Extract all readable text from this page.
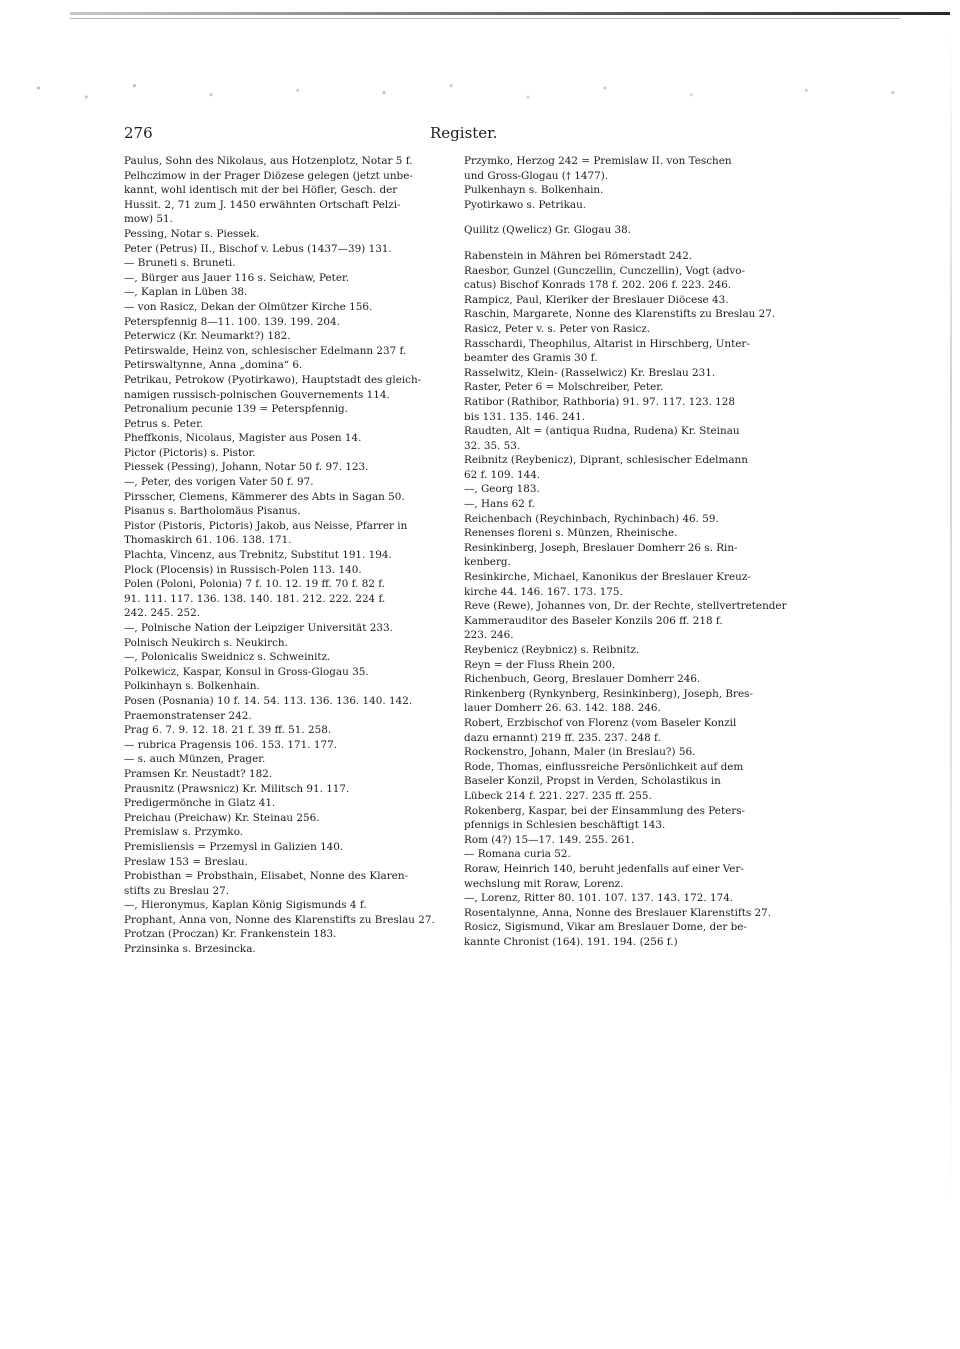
276	Register.
Paulus, Sohn des Nikolaus, aus Hotzenplotz, Notar 5 f.
Pelhczimow in der Prager Diözese gelegen (jetzt unbe-
kannt, wohl identisch mit der bei Höfler, Gesch. der
Hussit. 2, 71 zum J. 1450 erwähnten Ortschaft Pelzi-
mow) 51.
Pessing, Notar s. Piessek.
Peter (Petrus) II., Bischof v. Lebus (1437—39) 131.
— Bruneti s. Bruneti.
—, Bürger aus Jauer 116 s. Seichaw, Peter.
—, Kaplan in Lüben 38.
— von Rasicz, Dekan der Olmützer Kirche 156.
Peterspfennig 8—11. 100. 139. 199. 204.
Peterwicz (Kr. Neumarkt?) 182.
Petirswalde, Heinz von, schlesischer Edelmann 237 f.
Petirswaltynne, Anna „domina“ 6.
Petrikau, Petrokow (Pyotirkawo), Hauptstadt des gleich-
namigen russisch-polnischen Gouvernements 114.
Petronalium pecunie 139 = Peterspfennig.
Petrus s. Peter.
Pheffkonis, Nicolaus, Magister aus Posen 14.
Pictor (Pictoris) s. Pistor.
Piessek (Pessing), Johann, Notar 50 f. 97. 123.
—, Peter, des vorigen Vater 50 f. 97.
Pirsscher, Clemens, Kämmerer des Abts in Sagan 50.
Pisanus s. Bartholomäus Pisanus.
Pistor (Pistoris, Pictoris) Jakob, aus Neisse, Pfarrer in
Thomaskirch 61. 106. 138. 171.
Plachta, Vincenz, aus Trebnitz, Substitut 191. 194.
Plock (Plocensis) in Russisch-Polen 113. 140.
Polen (Poloni, Polonia) 7 f. 10. 12. 19 ff. 70 f. 82 f.
91. 111. 117. 136. 138. 140. 181. 212. 222. 224 f.
242. 245. 252.
—, Polnische Nation der Leipziger Universität 233.
Polnisch Neukirch s. Neukirch.
—, Polonicalis Sweidnicz s. Schweinitz.
Polkewicz, Kaspar, Konsul in Gross-Glogau 35.
Polkinhayn s. Bolkenhain.
Posen (Posnania) 10 f. 14. 54. 113. 136. 136. 140. 142.
Praemonstratenser 242.
Prag 6. 7. 9. 12. 18. 21 f. 39 ff. 51. 258.
— rubrica Pragensis 106. 153. 171. 177.
— s. auch Münzen, Prager.
Pramsen Kr. Neustadt? 182.
Prausnitz (Prawsnicz) Kr. Militsch 91. 117.
Predigermönche in Glatz 41.
Preichau (Preichaw) Kr. Steinau 256.
Premislaw s. Przymko.
Premisliensis = Przemysl in Galizien 140.
Preslaw 153 = Breslau.
Probisthan = Probsthain, Elisabet, Nonne des Klaren-
stifts zu Breslau 27.
—, Hieronymus, Kaplan König Sigismunds 4 f.
Prophant, Anna von, Nonne des Klarenstifts zu Breslau 27.
Protzan (Proczan) Kr. Frankenstein 183.
Przinsinka s. Brzesincka.
Przymko, Herzog 242 = Premislaw II. von Teschen
und Gross-Glogau († 1477).
Pulkenhayn s. Bolkenhain.
Pyotirkawo s. Petrikau.
Quilitz (Qwelicz) Gr. Glogau 38.
Rabenstein in Mähren bei Römerstadt 242.
Raesbor, Gunzel (Gunczellin, Cunczellin), Vogt (advo-
catus) Bischof Konrads 178 f. 202. 206 f. 223. 246.
Rampicz, Paul, Kleriker der Breslauer Diöcese 43.
Raschin, Margarete, Nonne des Klarenstifts zu Breslau 27.
Rasicz, Peter v. s. Peter von Rasicz.
Rasschardi, Theophilus, Altarist in Hirschberg, Unter-
beamter des Gramis 30 f.
Rasselwitz, Klein- (Rasselwicz) Kr. Breslau 231.
Raster, Peter 6 = Molschreiber, Peter.
Ratibor (Rathibor, Rathboria) 91. 97. 117. 123. 128
bis 131. 135. 146. 241.
Raudten, Alt = (antiqua Rudna, Rudena) Kr. Steinau
32. 35. 53.
Reibnitz (Reybenicz), Diprant, schlesischer Edelmann
62 f. 109. 144.
—, Georg 183.
—, Hans 62 f.
Reichenbach (Reychinbach, Rychinbach) 46. 59.
Renenses floreni s. Münzen, Rheinische.
Resinkinberg, Joseph, Breslauer Domherr 26 s. Rin-
kenberg.
Resinkirche, Michael, Kanonikus der Breslauer Kreuz-
kirche 44. 146. 167. 173. 175.
Reve (Rewe), Johannes von, Dr. der Rechte, stellvertretender
Kammerauditor des Baseler Konzils 206 ff. 218 f.
223. 246.
Reybenicz (Reybnicz) s. Reibnitz.
Reyn = der Fluss Rhein 200.
Richenbuch, Georg, Breslauer Domherr 246.
Rinkenberg (Rynkynberg, Resinkinberg), Joseph, Bres-
lauer Domherr 26. 63. 142. 188. 246.
Robert, Erzbischof von Florenz (vom Baseler Konzil
dazu ernannt) 219 ff. 235. 237. 248 f.
Rockenstro, Johann, Maler (in Breslau?) 56.
Rode, Thomas, einflussreiche Persönlichkeit auf dem
Baseler Konzil, Propst in Verden, Scholastikus in
Lübeck 214 f. 221. 227. 235 ff. 255.
Rokenberg, Kaspar, bei der Einsammlung des Peters-
pfennigs in Schlesien beschäftigt 143.
Rom (4?) 15—17. 149. 255. 261.
— Romana curia 52.
Roraw, Heinrich 140, beruht jedenfalls auf einer Ver-
wechslung mit Roraw, Lorenz.
—, Lorenz, Ritter 80. 101. 107. 137. 143. 172. 174.
Rosentalynne, Anna, Nonne des Breslauer Klarenstifts 27.
Rosicz, Sigismund, Vikar am Breslauer Dome, der be-
kannte Chronist (164). 191. 194. (256 f.)
